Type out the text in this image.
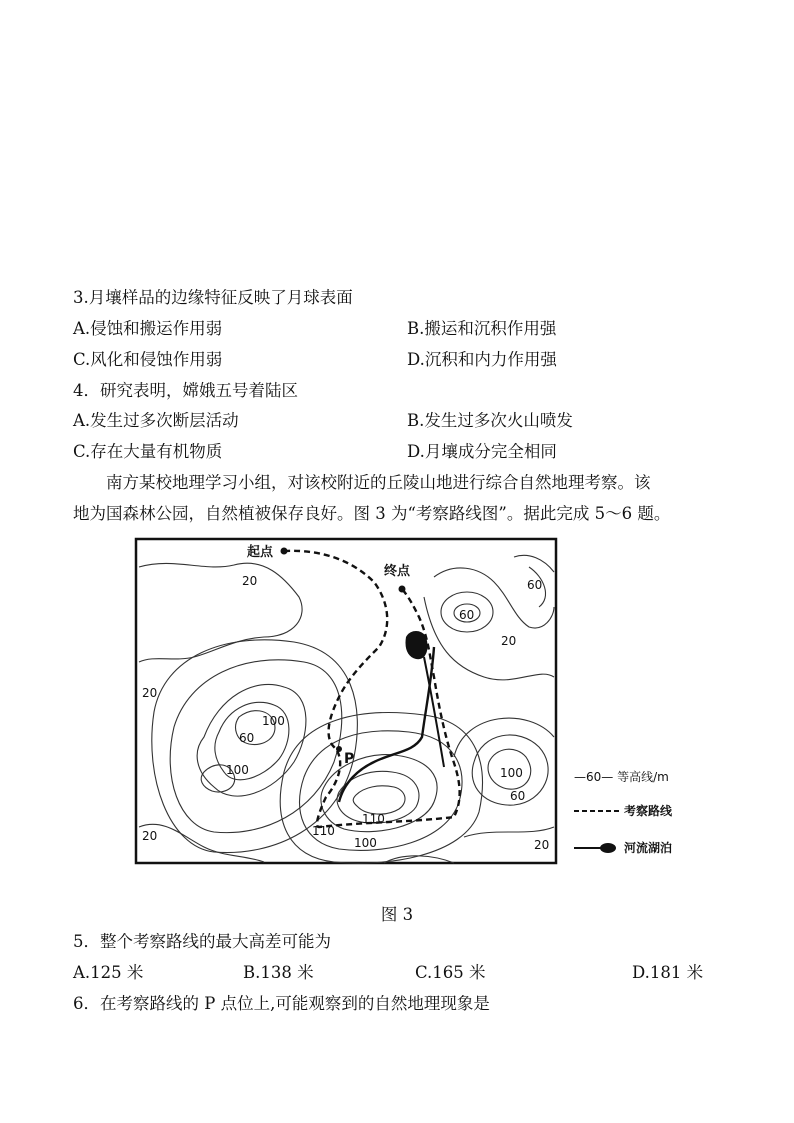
3.月壤样品的边缘特征反映了月球表面
A.侵蚀和搬运作用弱	B.搬运和沉积作用强
C.风化和侵蚀作用弱	D.沉积和内力作用强
4．研究表明，嫦娥五号着陆区
A.发生过多次断层活动	B.发生过多次火山喷发
C.存在大量有机物质	D.月壤成分完全相同
南方某校地理学习小组，对该校附近的丘陵山地进行综合自然地理考察。该
地为国森林公园，自然植被保存良好。图 3 为“考察路线图”。据此完成 5～6 题。
起点
终点
P
20	60
60
20
20
100
60
100	100
60
110
110
100
20
20
—60— 等高线/m
考察路线
河流湖泊
图 3
5．整个考察路线的最大高差可能为
A.125 米	B.138 米	C.165 米	D.181 米
6．在考察路线的 P 点位上,可能观察到的自然地理现象是
